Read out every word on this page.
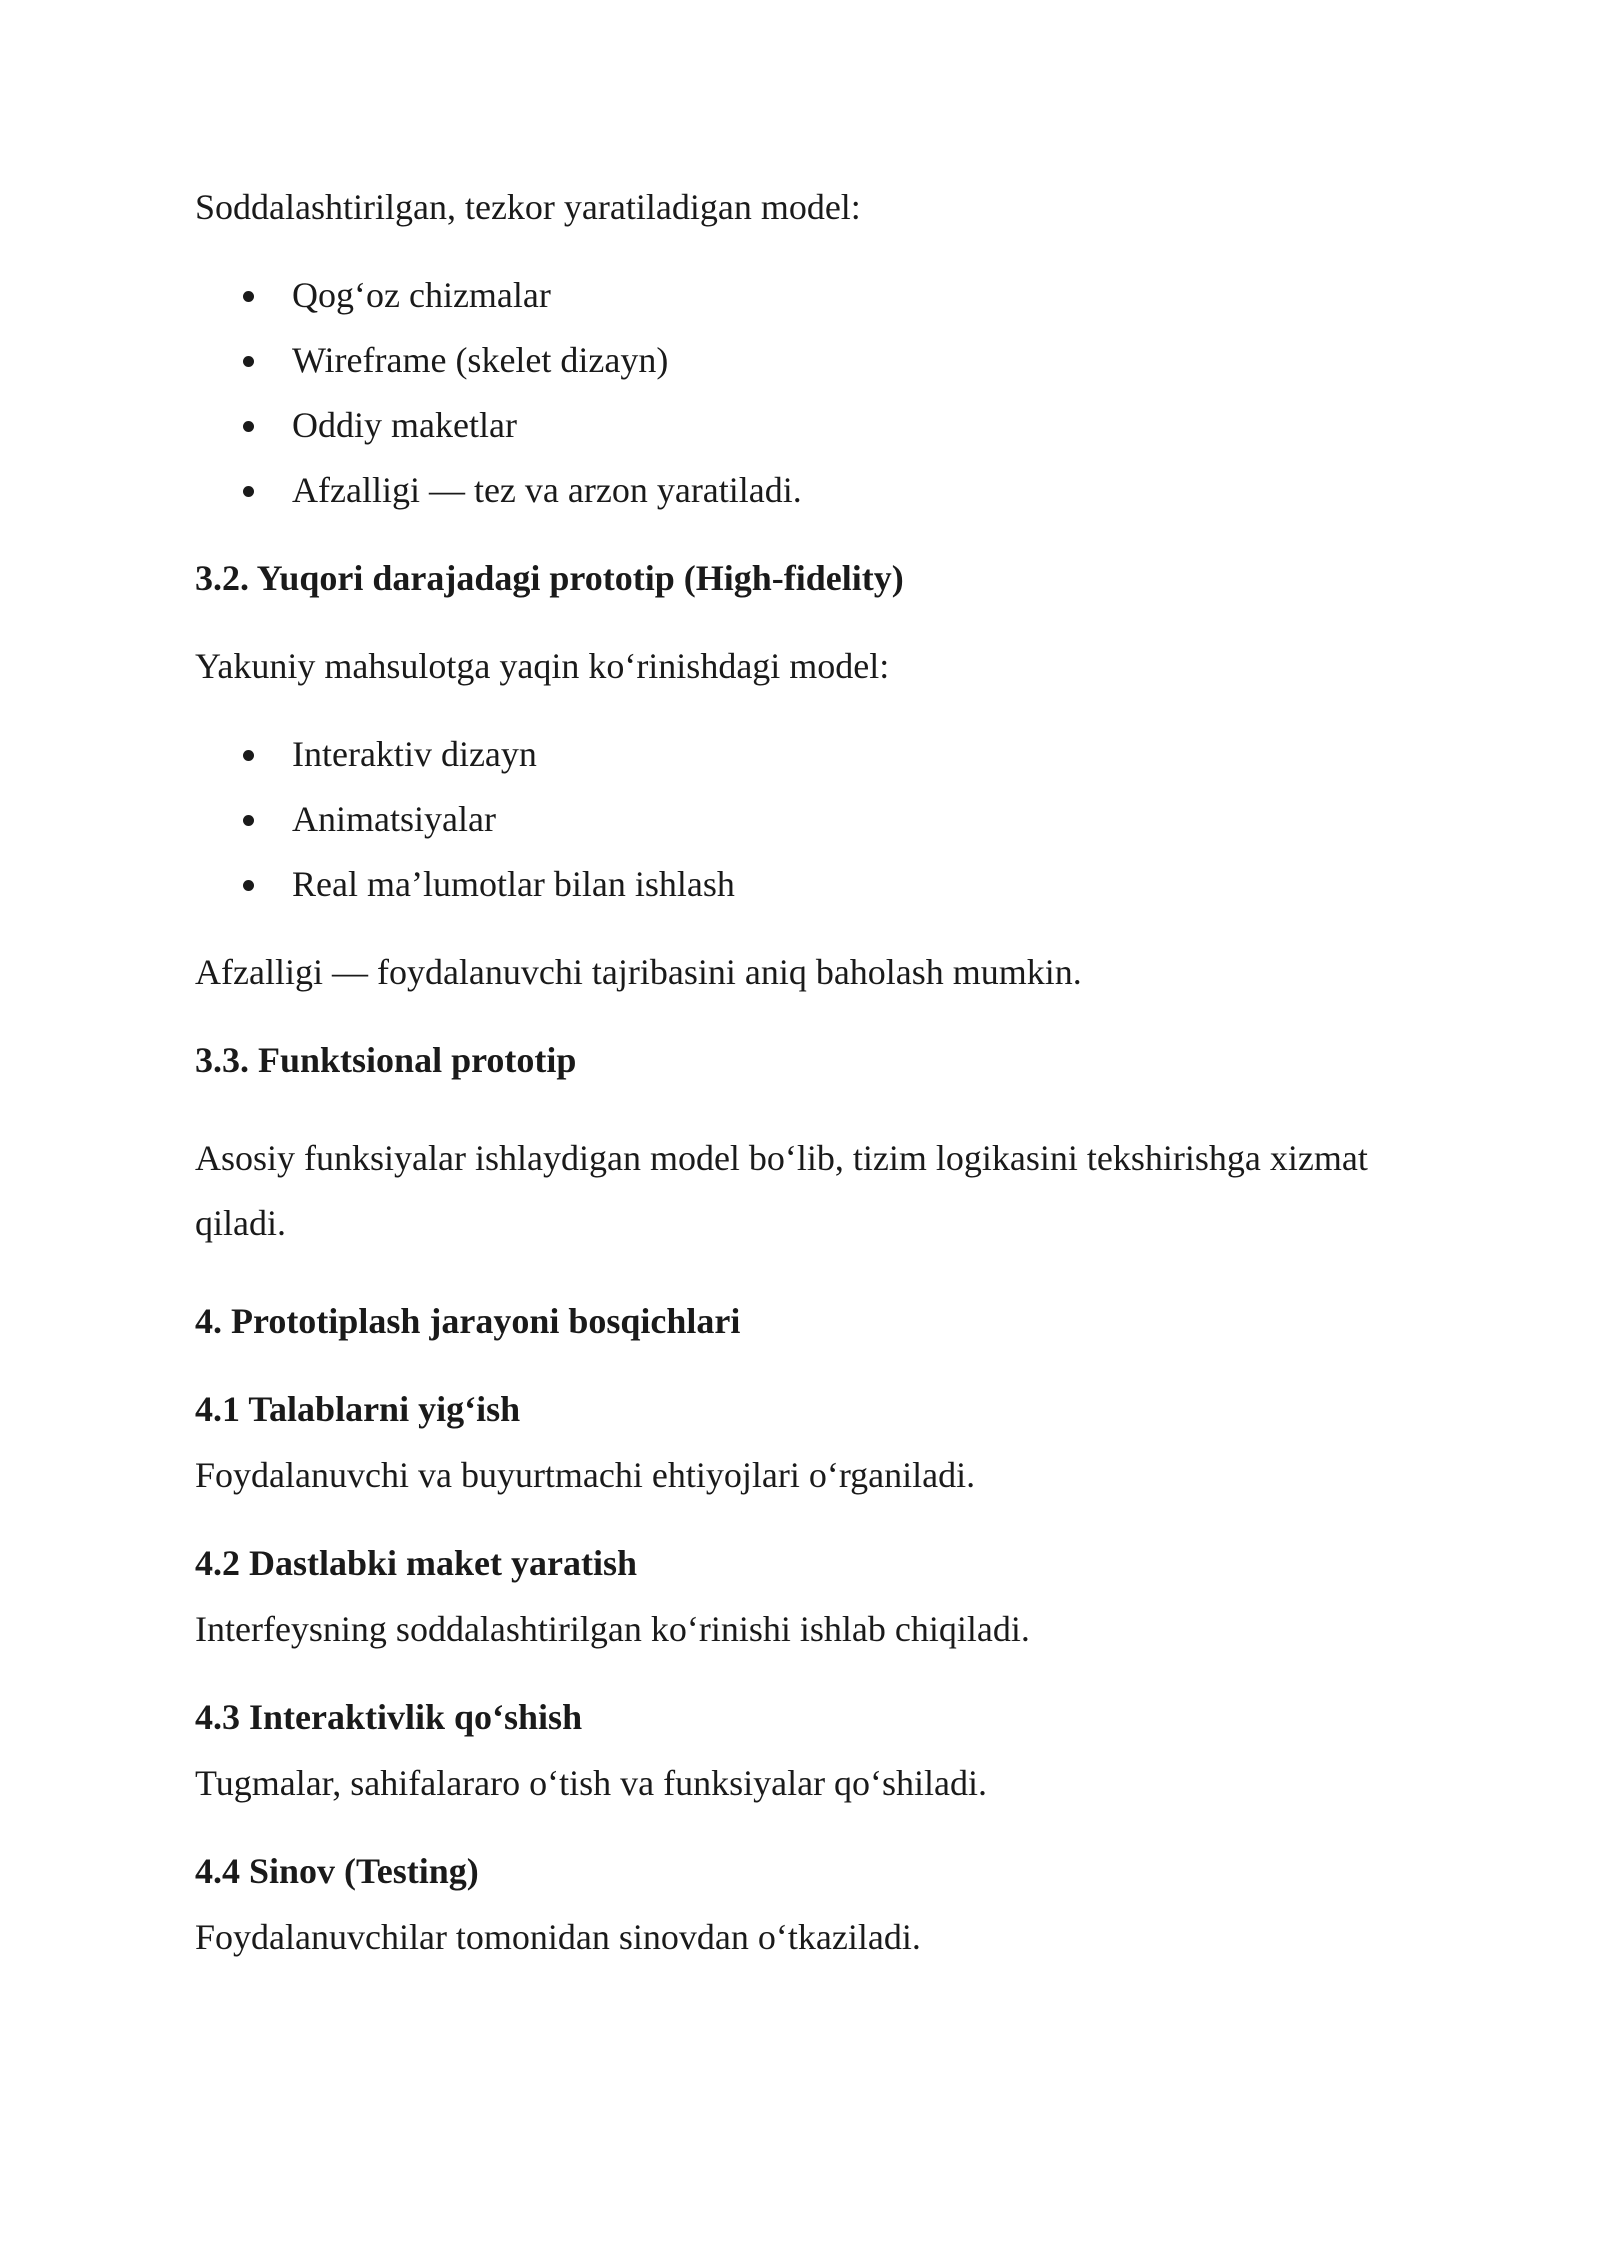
Soddalashtirilgan, tezkor yaratiladigan model:

Qog‘oz chizmalar
Wireframe (skelet dizayn)
Oddiy maketlar
Afzalligi — tez va arzon yaratiladi.

3.2. Yuqori darajadagi prototip (High-fidelity)

Yakuniy mahsulotga yaqin ko‘rinishdagi model:

Interaktiv dizayn
Animatsiyalar
Real ma’lumotlar bilan ishlash

Afzalligi — foydalanuvchi tajribasini aniq baholash mumkin.

3.3. Funktsional prototip

Asosiy funksiyalar ishlaydigan model bo‘lib, tizim logikasini tekshirishga xizmat qiladi.

4. Prototiplash jarayoni bosqichlari

4.1 Talablarni yig‘ish

Foydalanuvchi va buyurtmachi ehtiyojlari o‘rganiladi.

4.2 Dastlabki maket yaratish

Interfeysning soddalashtirilgan ko‘rinishi ishlab chiqiladi.

4.3 Interaktivlik qo‘shish

Tugmalar, sahifalararo o‘tish va funksiyalar qo‘shiladi.

4.4 Sinov (Testing)

Foydalanuvchilar tomonidan sinovdan o‘tkaziladi.
